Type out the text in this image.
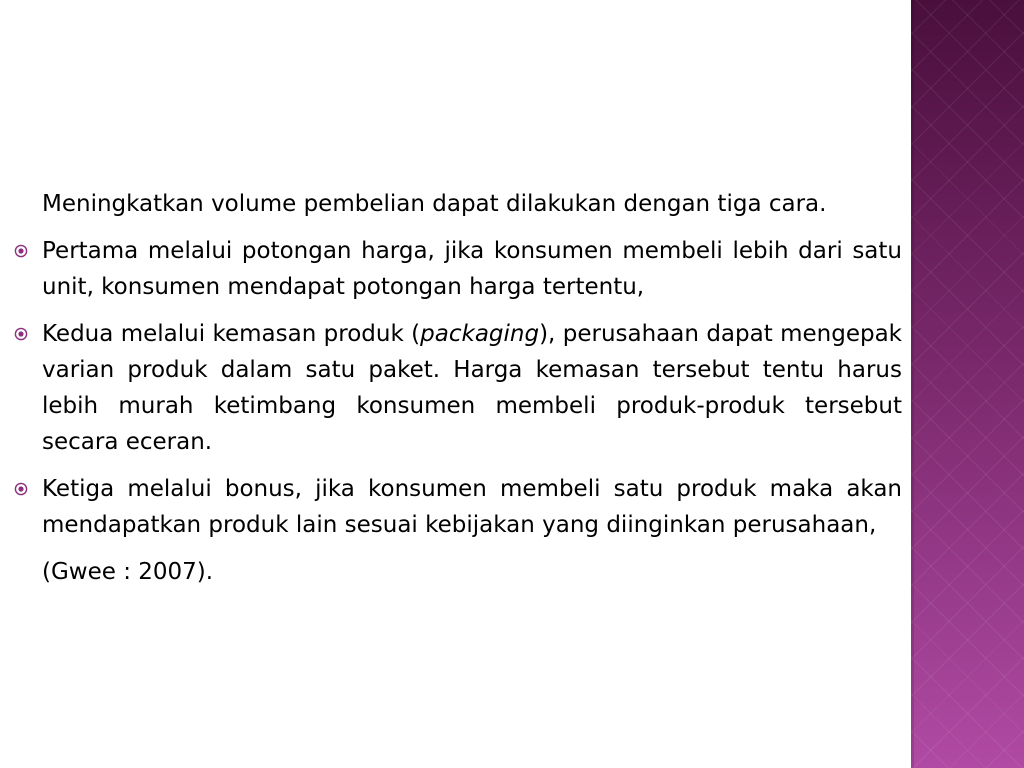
Meningkatkan volume pembelian dapat dilakukan dengan tiga cara.

Pertama melalui potongan harga, jika konsumen membeli lebih dari satu unit, konsumen mendapat potongan harga tertentu,
Kedua melalui kemasan produk (packaging), perusahaan dapat mengepak varian produk dalam satu paket. Harga kemasan tersebut tentu harus lebih murah ketimbang konsumen membeli produk-produk tersebut secara eceran.
Ketiga melalui bonus, jika konsumen membeli satu produk maka akan mendapatkan produk lain sesuai kebijakan yang diinginkan perusahaan,

(Gwee : 2007).
